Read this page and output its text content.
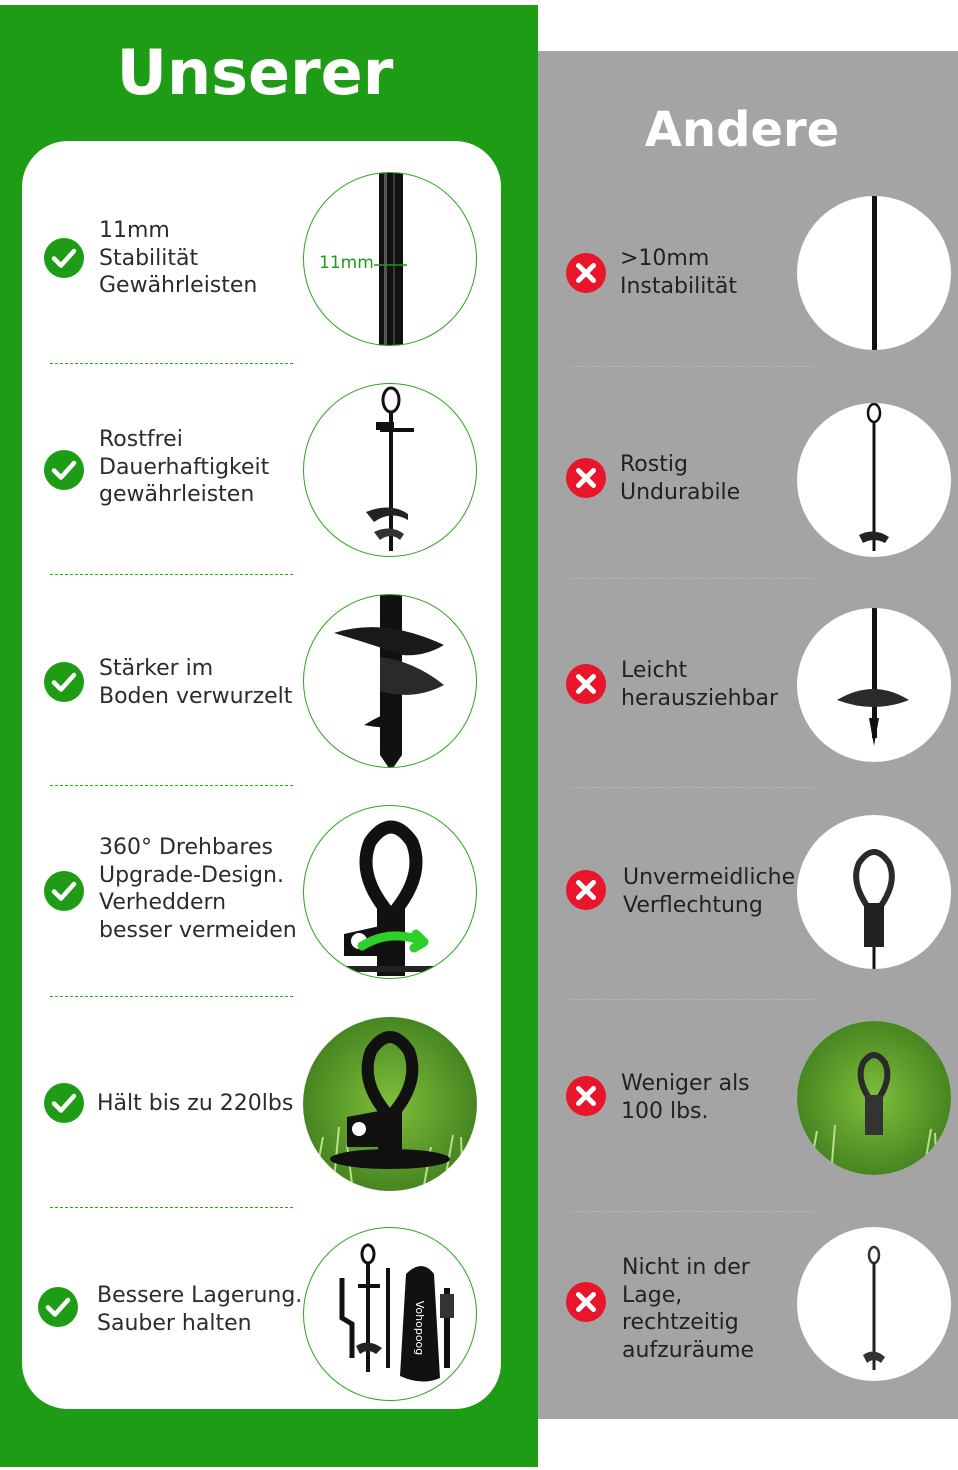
Unserer
Andere
11mm
Stabilität
Gewährleisten
11mm
Rostfrei
Dauerhaftigkeit
gewährleisten
Stärker im
Boden verwurzelt
360° Drehbares
Upgrade-Design.
Verheddern
besser vermeiden
Hält bis zu 220lbs
Bessere Lagerung.
Sauber halten	Vohopoog
>10mm
Instabilität
Rostig
Undurabile
Leicht
herausziehbar
Unvermeidliche
Verflechtung
Weniger als
100 lbs.
Nicht in der
Lage,
rechtzeitig
aufzuräume
